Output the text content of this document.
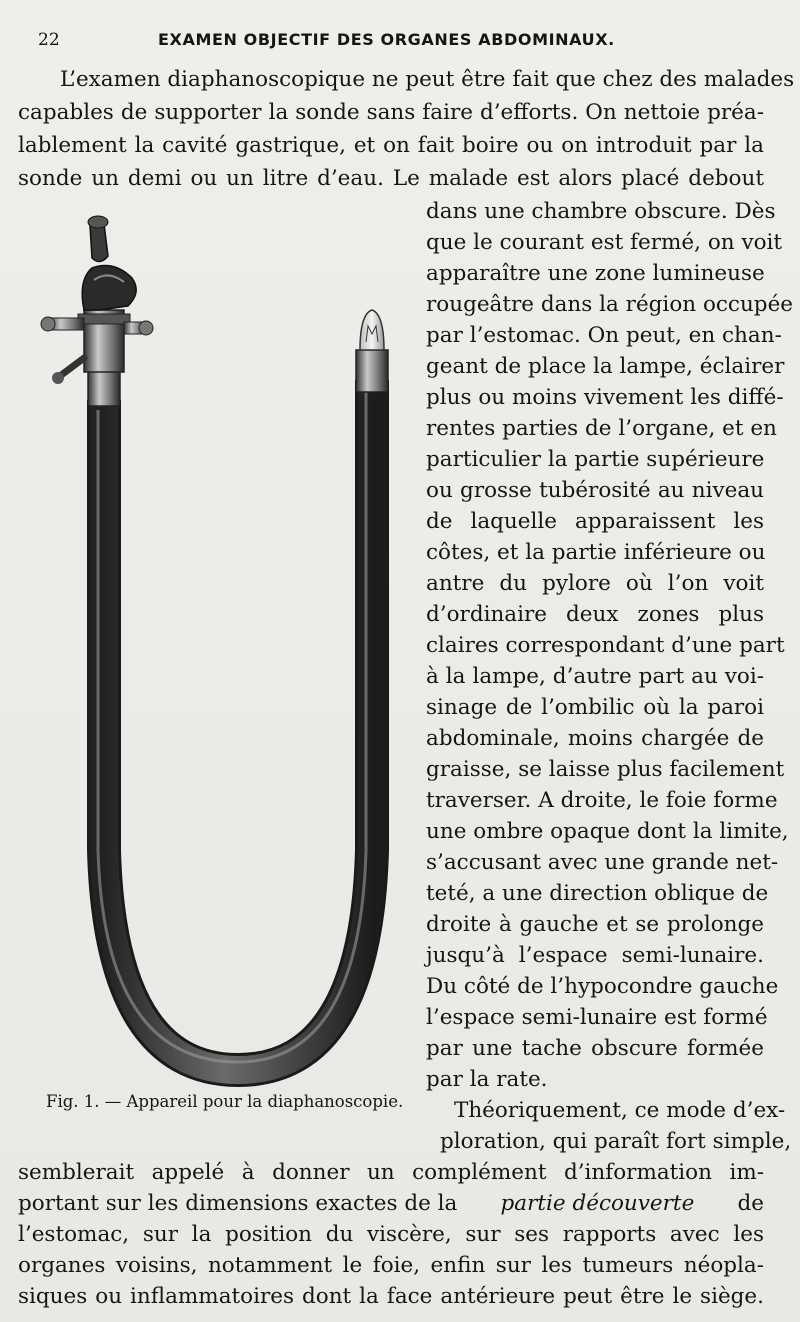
22	EXAMEN OBJECTIF DES ORGANES ABDOMINAUX.
L’examen diaphanoscopique ne peut être fait que chez des malades
capables de supporter la sonde sans faire d’efforts. On nettoie préa-
lablement la cavité gastrique, et on fait boire ou on introduit par la
sonde un demi ou un litre d’eau. Le malade est alors placé debout
dans une chambre obscure. Dès
que le courant est fermé, on voit
apparaître une zone lumineuse
rougeâtre dans la région occupée
par l’estomac. On peut, en chan-
geant de place la lampe, éclairer
plus ou moins vivement les diffé-
rentes parties de l’organe, et en
particulier la partie supérieure
ou grosse tubérosité au niveau
de laquelle apparaissent les
côtes, et la partie inférieure ou
antre du pylore où l’on voit
d’ordinaire deux zones plus
claires correspondant d’une part
à la lampe, d’autre part au voi-
sinage de l’ombilic où la paroi
abdominale, moins chargée de
graisse, se laisse plus facilement
traverser. A droite, le foie forme
une ombre opaque dont la limite,
s’accusant avec une grande net-
teté, a une direction oblique de
droite à gauche et se prolonge
jusqu’à l’espace semi-lunaire.
Du côté de l’hypocondre gauche
l’espace semi-lunaire est formé
par une tache obscure formée
par la rate.
Théoriquement, ce mode d’ex-
ploration, qui paraît fort simple,
semblerait appelé à donner un complément d’information im-
portant sur les dimensions exactes de la partie découverte de
l’estomac, sur la position du viscère, sur ses rapports avec les
organes voisins, notamment le foie, enfin sur les tumeurs néopla-
siques ou inflammatoires dont la face antérieure peut être le siège.
Fig. 1. — Appareil pour la diaphanoscopie.
